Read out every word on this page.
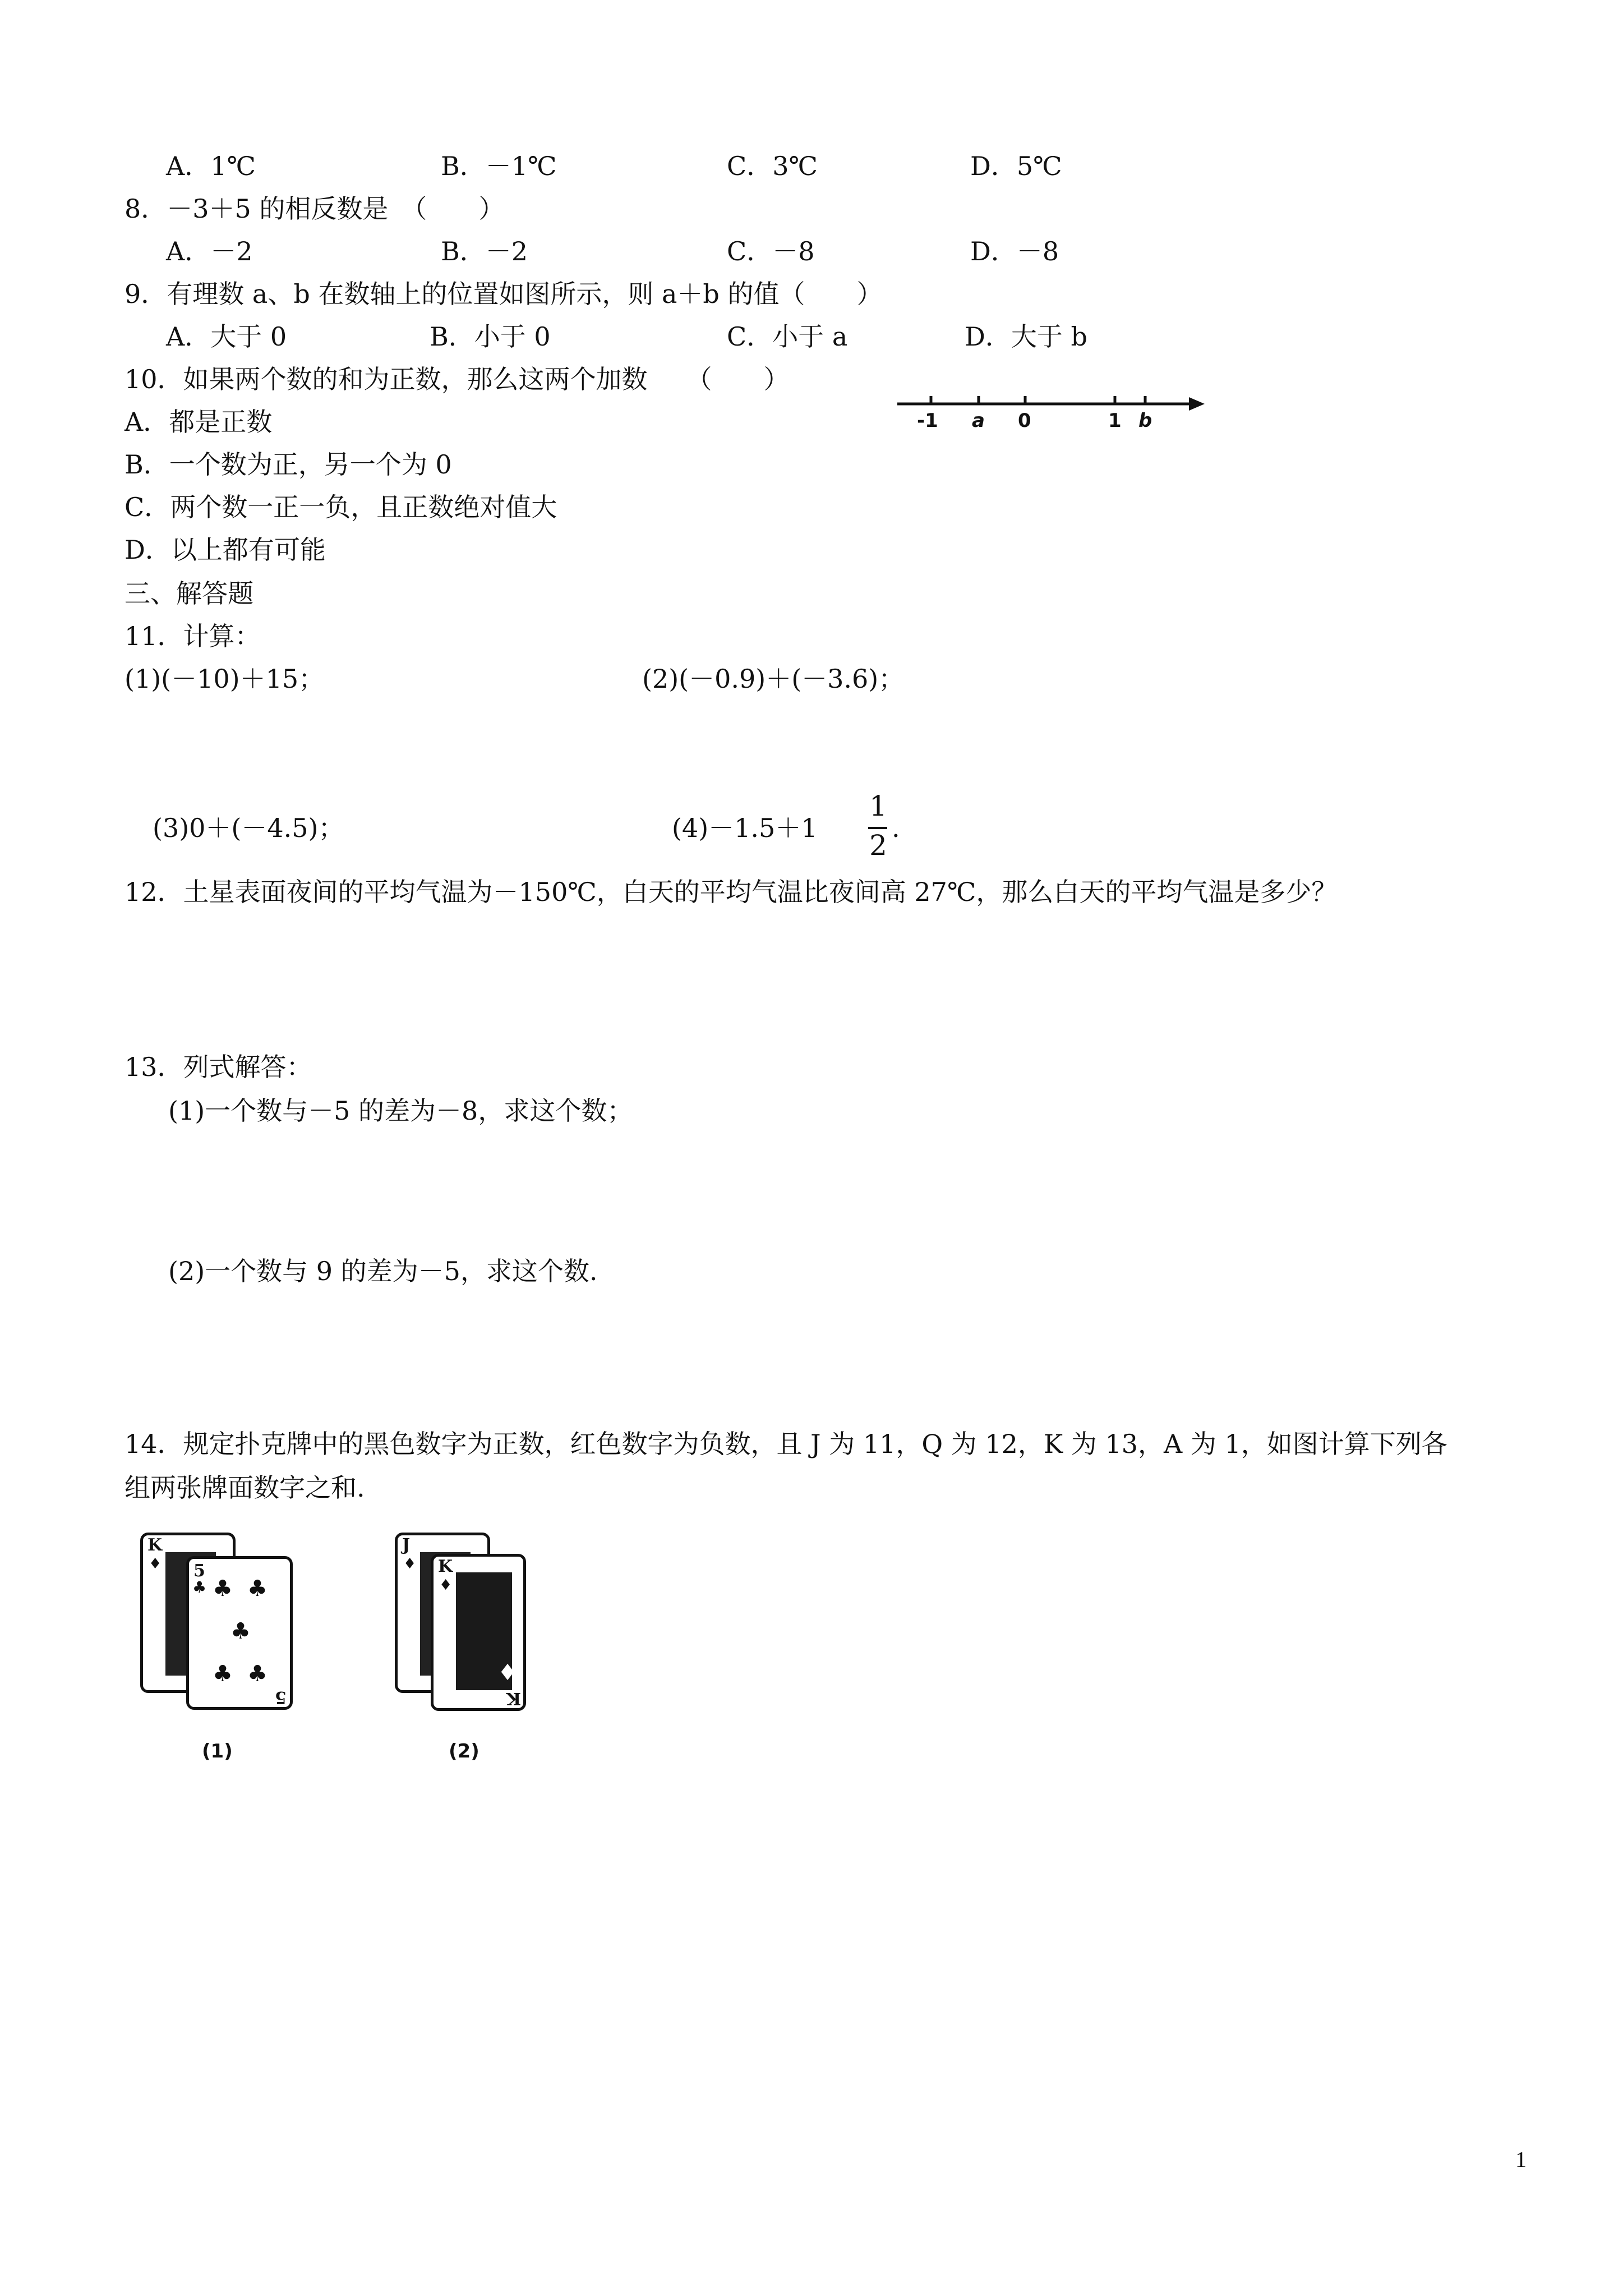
A．1℃	B．－1℃	C．3℃	D．5℃
8．－3＋5 的相反数是　（　　）
A．－2	B．－2	C．－8	D．－8
9．有理数 a、b 在数轴上的位置如图所示，则 a＋b 的值（　　）
A．大于 0	B．小于 0	C．小于 a	D．大于 b
-1 a 0	1 b
10．如果两个数的和为正数，那么这两个加数　　（　　）
A．都是正数
B．一个数为正，另一个为 0
C．两个数一正一负，且正数绝对值大
D．以上都有可能
三、解答题
11．计算：
(1)(－10)＋15；	(2)(－0.9)＋(－3.6)；
(3)0＋(－4.5)；	(4)－1.5＋1
1
2
.
12．土星表面夜间的平均气温为－150℃，白天的平均气温比夜间高 27℃，那么白天的平均气温是多少？
13．列式解答：
(1)一个数与－5 的差为－8，求这个数；
(2)一个数与 9 的差为－5，求这个数.
14．规定扑克牌中的黑色数字为正数，红色数字为负数，且 J 为 11，Q 为 12，K 为 13，A 为 1，如图计算下列各
组两张牌面数字之和.
K
♦ 5
♣ ♣ ♣
♣
♣ ♣
5
(1)
J
♦ K
♦
♦
K
(2)
1
